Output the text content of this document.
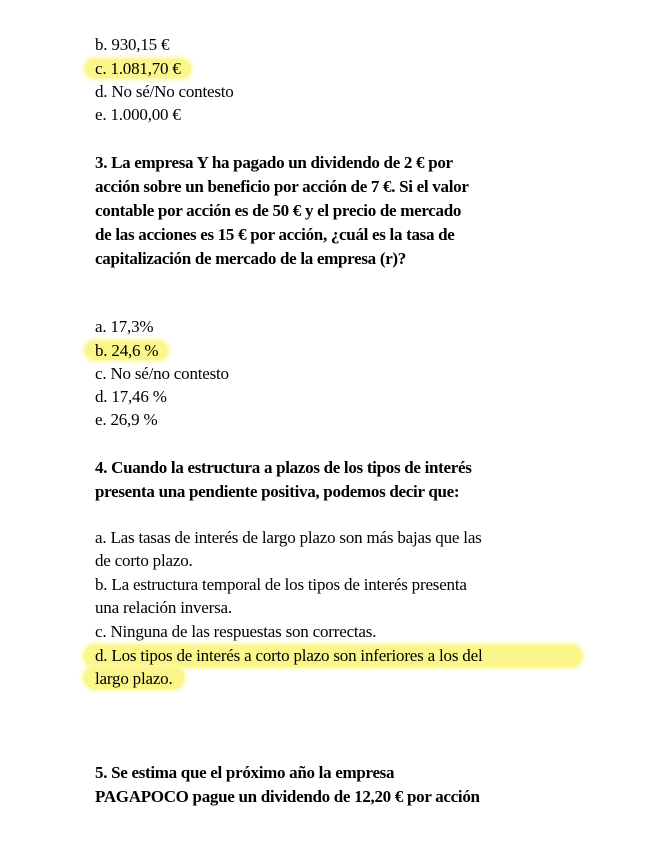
b. 930,15 €
c. 1.081,70 €
d. No sé/No contesto
e. 1.000,00 €
3. La empresa Y ha pagado un dividendo de 2 € por
acción sobre un beneficio por acción de 7 €. Si el valor
contable por acción es de 50 € y el precio de mercado
de las acciones es 15 € por acción, ¿cuál es la tasa de
capitalización de mercado de la empresa (r)?
a. 17,3%
b. 24,6 %
c. No sé/no contesto
d. 17,46 %
e. 26,9 %
4. Cuando la estructura a plazos de los tipos de interés
presenta una pendiente positiva, podemos decir que:
a. Las tasas de interés de largo plazo son más bajas que las
de corto plazo.
b. La estructura temporal de los tipos de interés presenta
una relación inversa.
c. Ninguna de las respuestas son correctas.
d. Los tipos de interés a corto plazo son inferiores a los del
largo plazo.
5. Se estima que el próximo año la empresa
PAGAPOCO pague un dividendo de 12,20 € por acción
